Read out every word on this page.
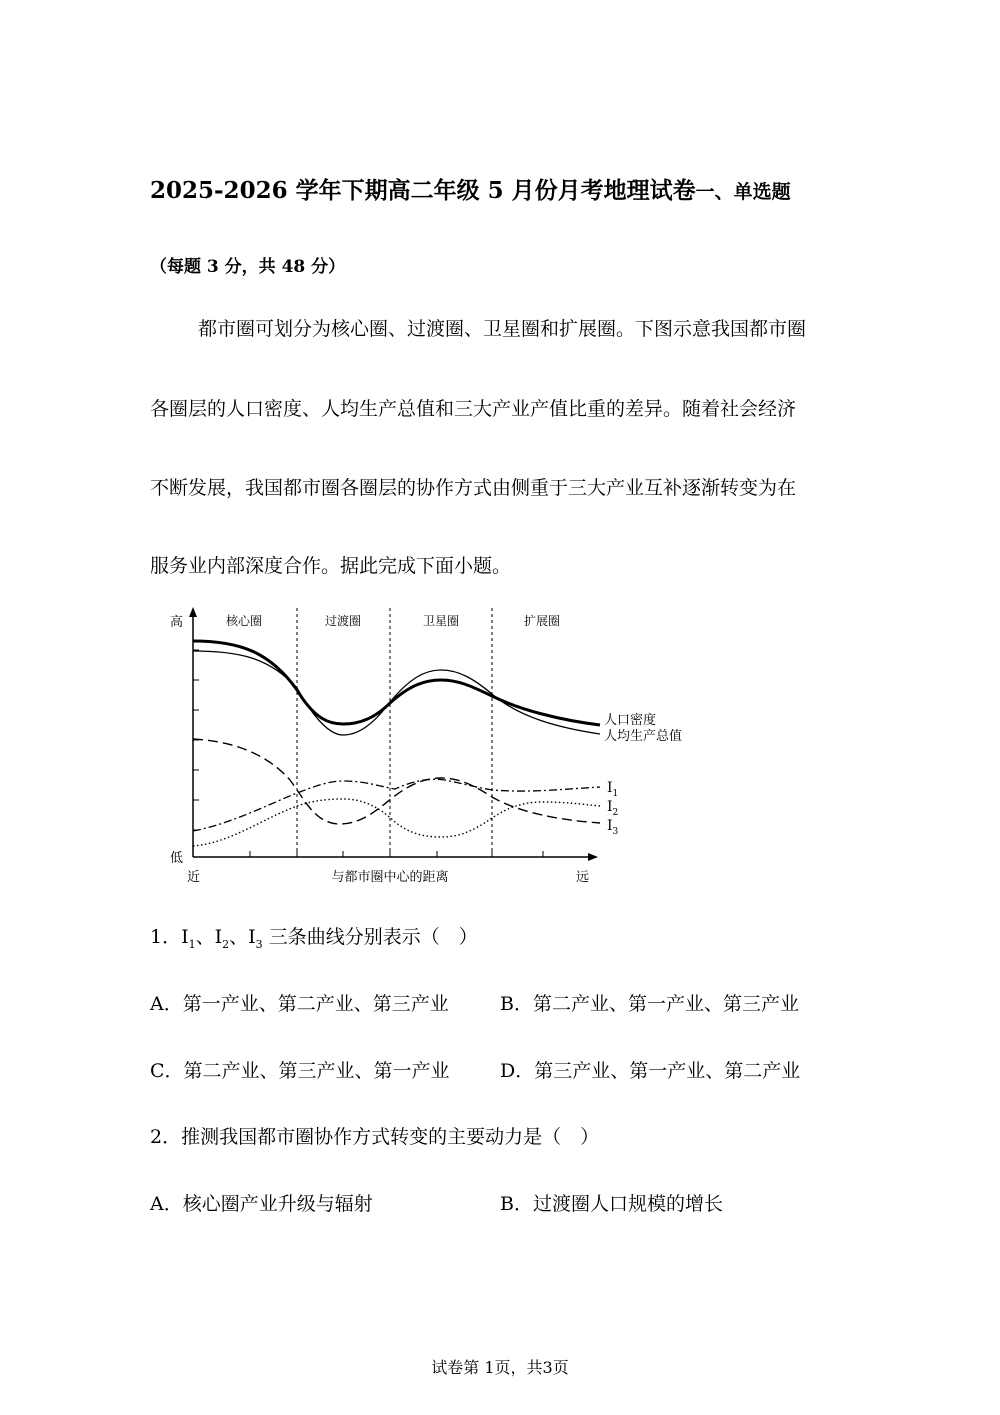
2025-2026 学年下期高二年级 5 月份月考地理试卷一、单选题
（每题 3 分，共 48 分）
都市圈可划分为核心圈、过渡圈、卫星圈和扩展圈。下图示意我国都市圈
各圈层的人口密度、人均生产总值和三大产业产值比重的差异。随着社会经济
不断发展，我国都市圈各圈层的协作方式由侧重于三大产业互补逐渐转变为在
服务业内部深度合作。据此完成下面小题。
核心圈	过渡圈	卫星圈	扩展圈
高
低
近	与都市圈中心的距离	远
人口密度
人均生产总值
$I_1$
$I_2$
$I_3$
1．$I_1$、$I_2$、$I_3$ 三条曲线分别表示（　）
A．第一产业、第二产业、第三产业	B．第二产业、第一产业、第三产业
C．第二产业、第三产业、第一产业	D．第三产业、第一产业、第二产业
2．推测我国都市圈协作方式转变的主要动力是（　）
A．核心圈产业升级与辐射	B．过渡圈人口规模的增长
试卷第 1页，共3页
